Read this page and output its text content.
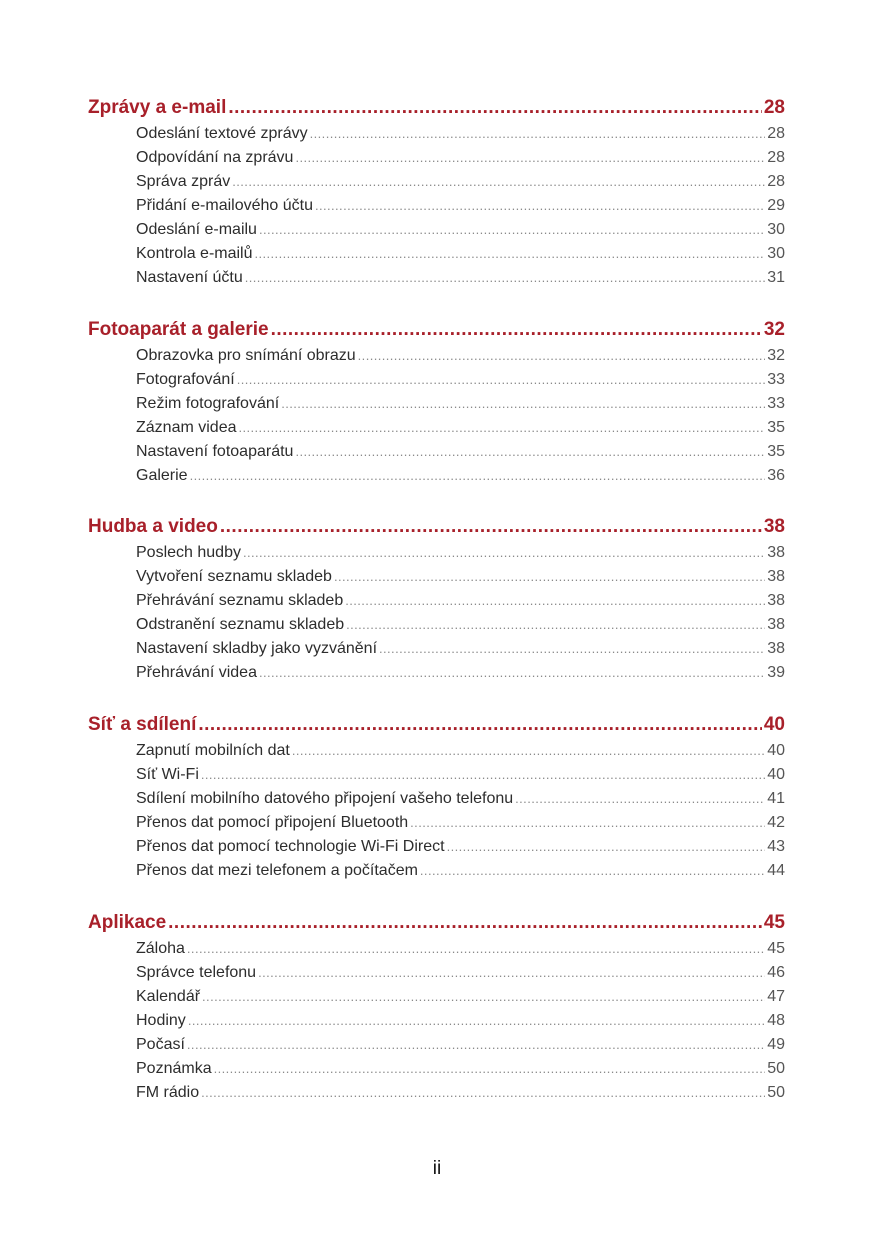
Zprávy a e-mail .....	28
Odeslání textové zprávy .....	28
Odpovídání na zprávu .....	28
Správa zpráv .....	28
Přidání e-mailového účtu .....	29
Odeslání e-mailu .....	30
Kontrola e-mailů .....	30
Nastavení účtu .....	31
Fotoaparát a galerie .....	32
Obrazovka pro snímání obrazu .....	32
Fotografování .....	33
Režim fotografování .....	33
Záznam videa .....	35
Nastavení fotoaparátu .....	35
Galerie .....	36
Hudba a video .....	38
Poslech hudby .....	38
Vytvoření seznamu skladeb .....	38
Přehrávání seznamu skladeb .....	38
Odstranění seznamu skladeb .....	38
Nastavení skladby jako vyzvánění .....	38
Přehrávání videa .....	39
Síť a sdílení .....	40
Zapnutí mobilních dat .....	40
Síť Wi-Fi .....	40
Sdílení mobilního datového připojení vašeho telefonu .....	41
Přenos dat pomocí připojení Bluetooth .....	42
Přenos dat pomocí technologie Wi-Fi Direct .....	43
Přenos dat mezi telefonem a počítačem .....	44
Aplikace .....	45
Záloha .....	45
Správce telefonu .....	46
Kalendář .....	47
Hodiny .....	48
Počasí .....	49
Poznámka .....	50
FM rádio .....	50
ii
